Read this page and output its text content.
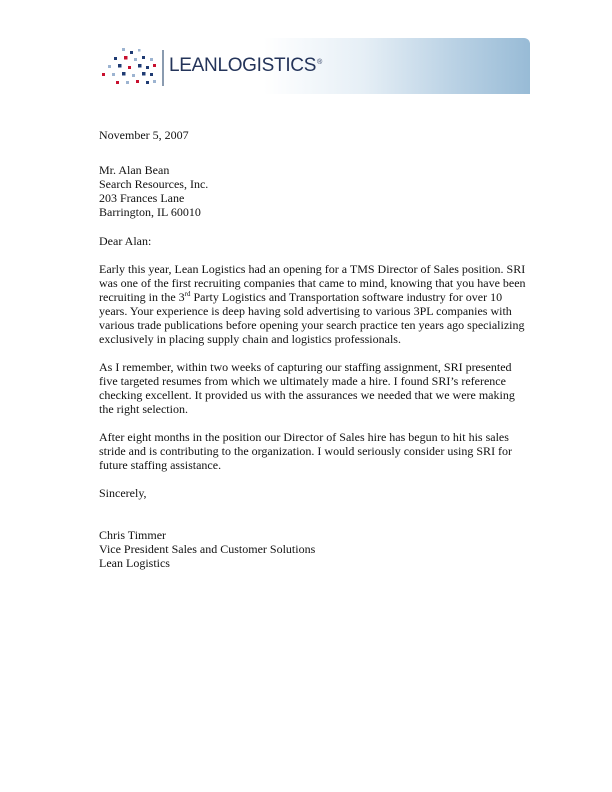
LEANLOGISTICS®

November 5, 2007

Mr. Alan Bean
Search Resources, Inc.
203 Frances Lane
Barrington, IL 60010

Dear Alan:

Early this year, Lean Logistics had an opening for a TMS Director of Sales position. SRI
was one of the first recruiting companies that came to mind, knowing that you have been
recruiting in the 3rd Party Logistics and Transportation software industry for over 10
years. Your experience is deep having sold advertising to various 3PL companies with
various trade publications before opening your search practice ten years ago specializing
exclusively in placing supply chain and logistics professionals.

As I remember, within two weeks of capturing our staffing assignment, SRI presented
five targeted resumes from which we ultimately made a hire. I found SRI’s reference
checking excellent. It provided us with the assurances we needed that we were making
the right selection.

After eight months in the position our Director of Sales hire has begun to hit his sales
stride and is contributing to the organization. I would seriously consider using SRI for
future staffing assistance.

Sincerely,

Chris Timmer
Vice President Sales and Customer Solutions
Lean Logistics
